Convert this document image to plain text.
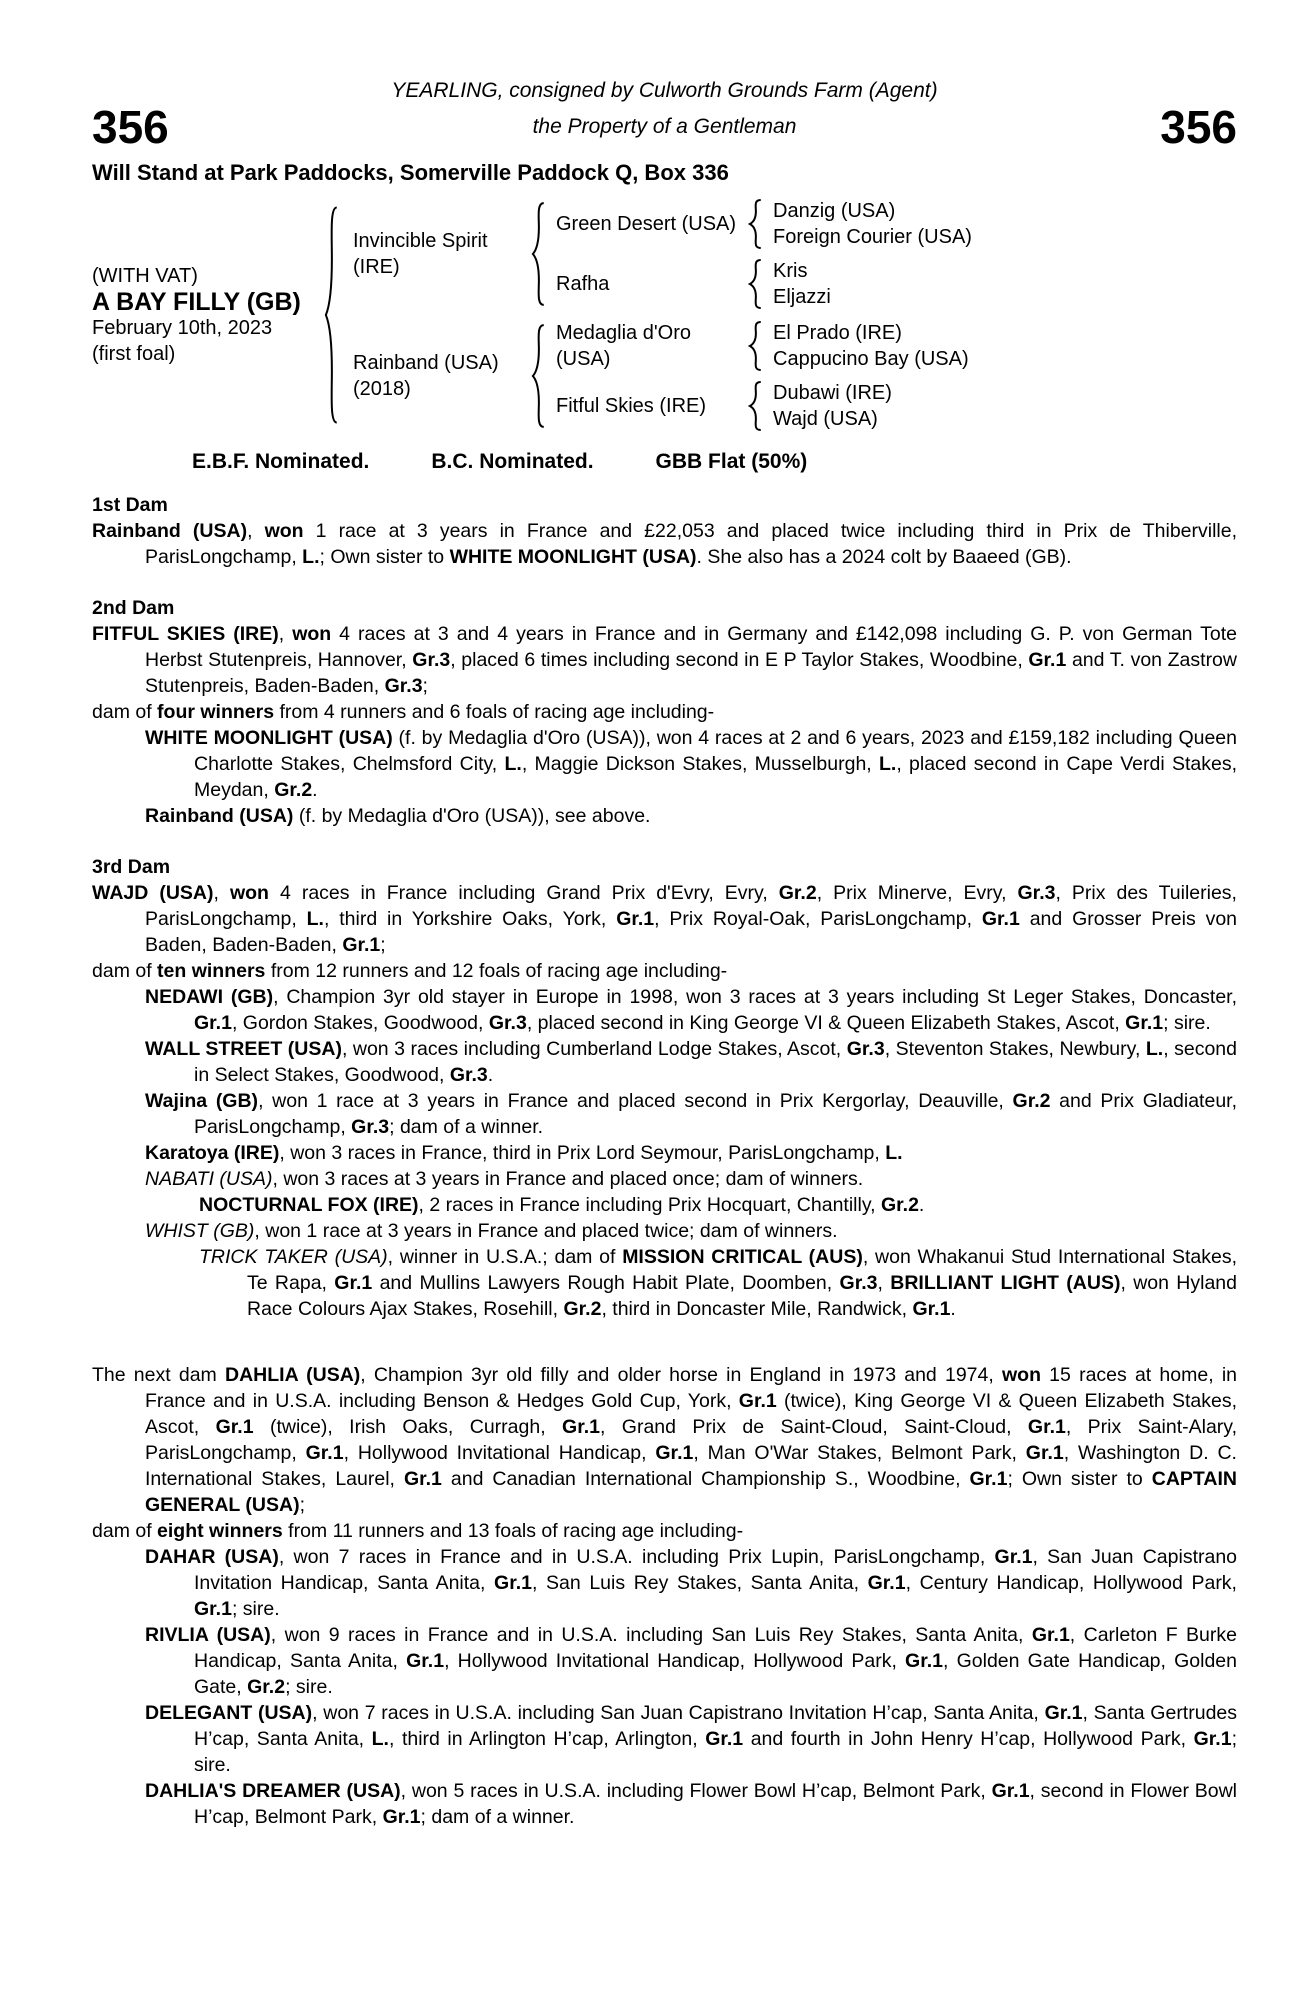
YEARLING, consigned by Culworth Grounds Farm (Agent)
356	the Property of a Gentleman	356
Will Stand at Park Paddocks, Somerville Paddock Q, Box 336
(WITH VAT)
A BAY FILLY (GB)
February 10th, 2023
(first foal)
Invincible Spirit (IRE)
Green Desert (USA)
Danzig (USA)
Foreign Courier (USA)
Rafha
Kris
Eljazzi
Rainband (USA)
(2018)
Medaglia d'Oro (USA)
El Prado (IRE)
Cappucino Bay (USA)
Fitful Skies (IRE)
Dubawi (IRE)
Wajd (USA)
E.B.F. Nominated.	B.C. Nominated.	GBB Flat (50%)
1st Dam

Rainband (USA), won 1 race at 3 years in France and £22,053 and placed twice including third in Prix de Thiberville, ParisLongchamp, L.; Own sister to WHITE MOONLIGHT (USA). She also has a 2024 colt by Baaeed (GB).

2nd Dam

FITFUL SKIES (IRE), won 4 races at 3 and 4 years in France and in Germany and £142,098 including G. P. von German Tote Herbst Stutenpreis, Hannover, Gr.3, placed 6 times including second in E P Taylor Stakes, Woodbine, Gr.1 and T. von Zastrow Stutenpreis, Baden-Baden, Gr.3;

dam of four winners from 4 runners and 6 foals of racing age including-

WHITE MOONLIGHT (USA) (f. by Medaglia d'Oro (USA)), won 4 races at 2 and 6 years, 2023 and £159,182 including Queen Charlotte Stakes, Chelmsford City, L., Maggie Dickson Stakes, Musselburgh, L., placed second in Cape Verdi Stakes, Meydan, Gr.2.

Rainband (USA) (f. by Medaglia d'Oro (USA)), see above.

3rd Dam

WAJD (USA), won 4 races in France including Grand Prix d'Evry, Evry, Gr.2, Prix Minerve, Evry, Gr.3, Prix des Tuileries, ParisLongchamp, L., third in Yorkshire Oaks, York, Gr.1, Prix Royal-Oak, ParisLongchamp, Gr.1 and Grosser Preis von Baden, Baden-Baden, Gr.1;

dam of ten winners from 12 runners and 12 foals of racing age including-

NEDAWI (GB), Champion 3yr old stayer in Europe in 1998, won 3 races at 3 years including St Leger Stakes, Doncaster, Gr.1, Gordon Stakes, Goodwood, Gr.3, placed second in King George VI & Queen Elizabeth Stakes, Ascot, Gr.1; sire.

WALL STREET (USA), won 3 races including Cumberland Lodge Stakes, Ascot, Gr.3, Steventon Stakes, Newbury, L., second in Select Stakes, Goodwood, Gr.3.

Wajina (GB), won 1 race at 3 years in France and placed second in Prix Kergorlay, Deauville, Gr.2 and Prix Gladiateur, ParisLongchamp, Gr.3; dam of a winner.

Karatoya (IRE), won 3 races in France, third in Prix Lord Seymour, ParisLongchamp, L.

NABATI (USA), won 3 races at 3 years in France and placed once; dam of winners.

NOCTURNAL FOX (IRE), 2 races in France including Prix Hocquart, Chantilly, Gr.2.

WHIST (GB), won 1 race at 3 years in France and placed twice; dam of winners.

TRICK TAKER (USA), winner in U.S.A.; dam of MISSION CRITICAL (AUS), won Whakanui Stud International Stakes, Te Rapa, Gr.1 and Mullins Lawyers Rough Habit Plate, Doomben, Gr.3, BRILLIANT LIGHT (AUS), won Hyland Race Colours Ajax Stakes, Rosehill, Gr.2, third in Doncaster Mile, Randwick, Gr.1.

The next dam DAHLIA (USA), Champion 3yr old filly and older horse in England in 1973 and 1974, won 15 races at home, in France and in U.S.A. including Benson & Hedges Gold Cup, York, Gr.1 (twice), King George VI & Queen Elizabeth Stakes, Ascot, Gr.1 (twice), Irish Oaks, Curragh, Gr.1, Grand Prix de Saint-Cloud, Saint-Cloud, Gr.1, Prix Saint-Alary, ParisLongchamp, Gr.1, Hollywood Invitational Handicap, Gr.1, Man O'War Stakes, Belmont Park, Gr.1, Washington D. C. International Stakes, Laurel, Gr.1 and Canadian International Championship S., Woodbine, Gr.1; Own sister to CAPTAIN GENERAL (USA);

dam of eight winners from 11 runners and 13 foals of racing age including-

DAHAR (USA), won 7 races in France and in U.S.A. including Prix Lupin, ParisLongchamp, Gr.1, San Juan Capistrano Invitation Handicap, Santa Anita, Gr.1, San Luis Rey Stakes, Santa Anita, Gr.1, Century Handicap, Hollywood Park, Gr.1; sire.

RIVLIA (USA), won 9 races in France and in U.S.A. including San Luis Rey Stakes, Santa Anita, Gr.1, Carleton F Burke Handicap, Santa Anita, Gr.1, Hollywood Invitational Handicap, Hollywood Park, Gr.1, Golden Gate Handicap, Golden Gate, Gr.2; sire.

DELEGANT (USA), won 7 races in U.S.A. including San Juan Capistrano Invitation H’cap, Santa Anita, Gr.1, Santa Gertrudes H’cap, Santa Anita, L., third in Arlington H’cap, Arlington, Gr.1 and fourth in John Henry H’cap, Hollywood Park, Gr.1; sire.

DAHLIA'S DREAMER (USA), won 5 races in U.S.A. including Flower Bowl H’cap, Belmont Park, Gr.1, second in Flower Bowl H’cap, Belmont Park, Gr.1; dam of a winner.
